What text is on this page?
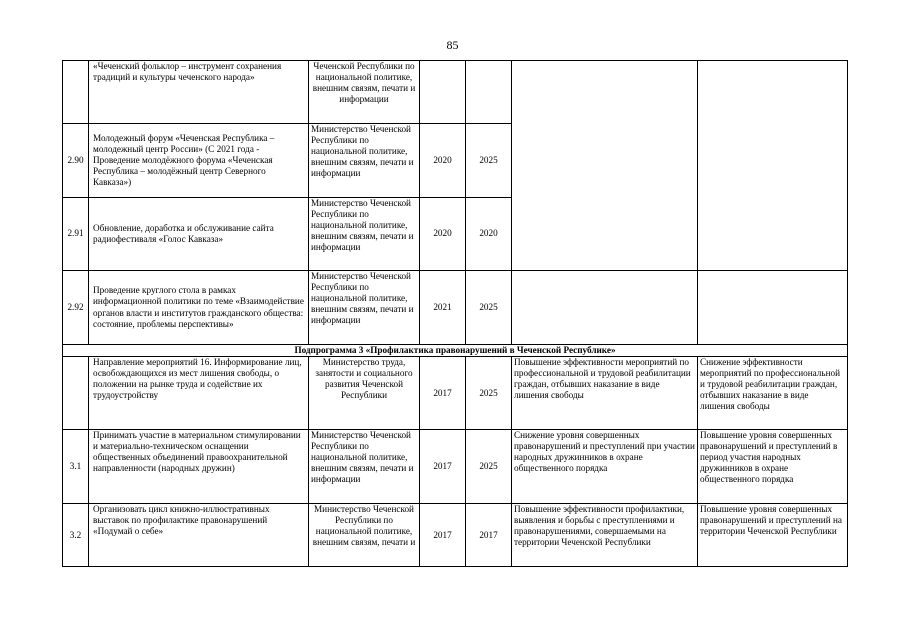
85
	«Чеченский фольклор – инструмент сохранения традиций и культуры чеченского народа»	Чеченской Республики по национальной политике, внешним связям, печати и информации				
2.90	Молодежный форум «Чеченская Республика – молодежный центр России» (С 2021 года - Проведение молодёжного форума «Чеченская Республика – молодёжный центр Северного Кавказа»)	Министерство Чеченской Республики по национальной политике, внешним связям, печати и информации	2020	2025		
2.91	Обновление, доработка и обслуживание сайта радиофестиваля «Голос Кавказа»	Министерство Чеченской Республики по национальной политике, внешним связям, печати и информации	2020	2020		
2.92	Проведение круглого стола в рамках информационной политики по теме «Взаимодействие органов власти и институтов гражданского общества: состояние, проблемы перспективы»	Министерство Чеченской Республики по национальной политике, внешним связям, печати и информации	2021	2025		
Подпрограмма 3 «Профилактика правонарушений в Чеченской Республике»						
	Направление мероприятий 16. Информирование лиц, освобождающихся из мест лишения свободы, о положении на рынке труда и содействие их трудоустройству	Министерство труда, занятости и социального развития Чеченской Республики	2017	2025	Повышение эффективности мероприятий по профессиональной и трудовой реабилитации граждан, отбывших наказание в виде лишения свободы	Снижение эффективности мероприятий по профессиональной и трудовой реабилитации граждан, отбывших наказание в виде лишения свободы
3.1	Принимать участие в материальном стимулировании и материально-техническом оснащении общественных объединений правоохранительной направленности (народных дружин)	Министерство Чеченской Республики по национальной политике, внешним связям, печати и информации	2017	2025	Снижение уровня совершенных правонарушений и преступлений при участии народных дружинников в охране общественного порядка	Повышение уровня совершенных правонарушений и преступлений в период участия народных дружинников в охране общественного порядка
3.2	Организовать цикл книжно-иллюстративных выставок по профилактике правонарушений «Подумай о себе»	Министерство Чеченской Республики по национальной политике, внешним связям, печати и	2017	2017	Повышение эффективности профилактики, выявления и борьбы с преступлениями и правонарушениями, совершаемыми на территории Чеченской Республики	Повышение уровня совершенных правонарушений и преступлений на территории Чеченской Республики
